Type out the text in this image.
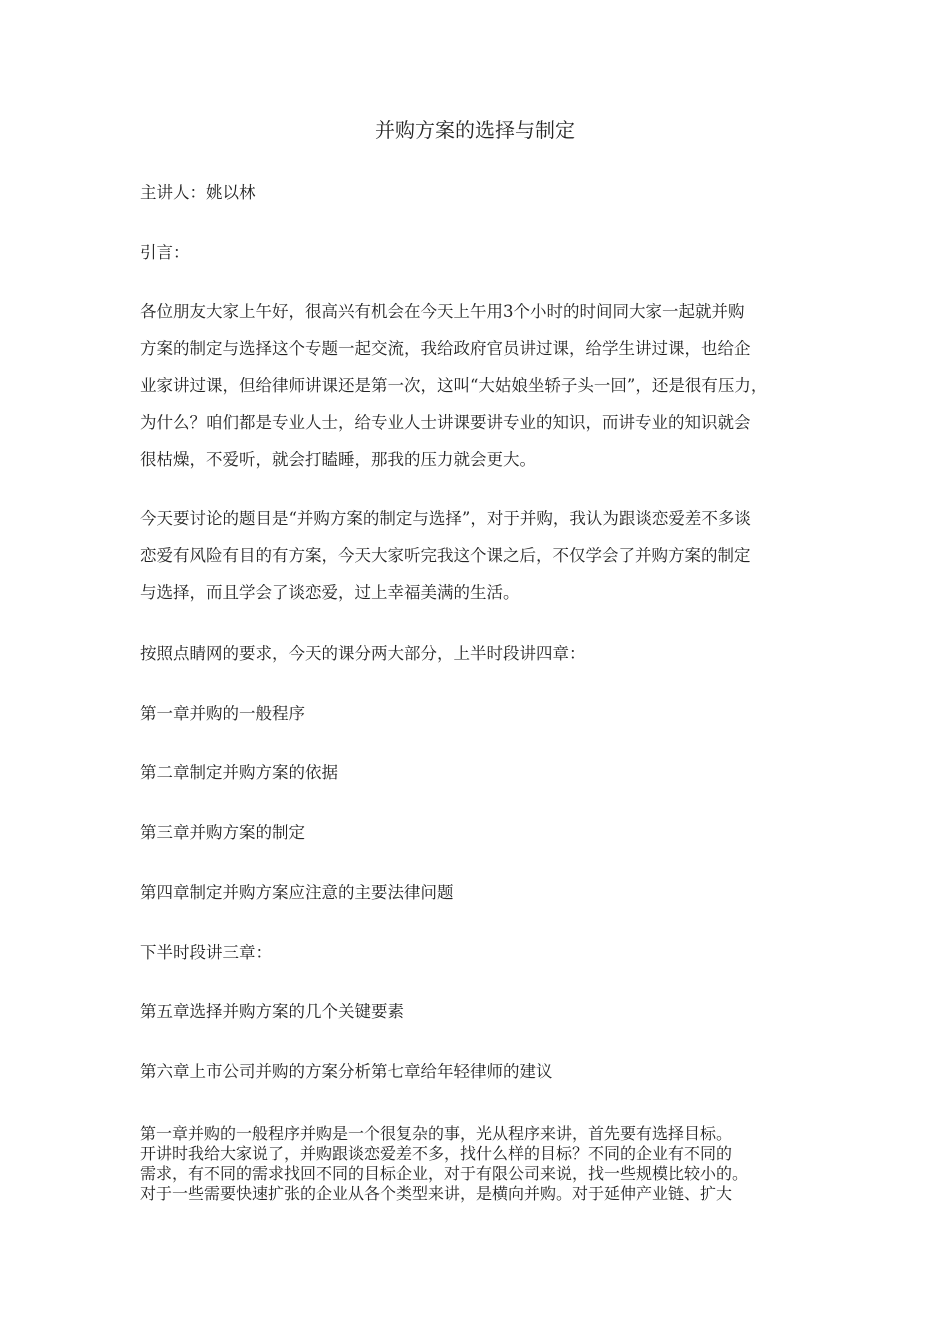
并购方案的选择与制定
主讲人：姚以林
引言：
各位朋友大家上午好，很高兴有机会在今天上午用3个小时的时间同大家一起就并购
方案的制定与选择这个专题一起交流，我给政府官员讲过课，给学生讲过课，也给企
业家讲过课，但给律师讲课还是第一次，这叫“大姑娘坐轿子头一回”，还是很有压力，
为什么？咱们都是专业人士，给专业人士讲课要讲专业的知识，而讲专业的知识就会
很枯燥，不爱听，就会打瞌睡，那我的压力就会更大。
今天要讨论的题目是“并购方案的制定与选择”，对于并购，我认为跟谈恋爱差不多谈
恋爱有风险有目的有方案，今天大家听完我这个课之后，不仅学会了并购方案的制定
与选择，而且学会了谈恋爱，过上幸福美满的生活。
按照点睛网的要求，今天的课分两大部分，上半时段讲四章：
第一章并购的一般程序
第二章制定并购方案的依据
第三章并购方案的制定
第四章制定并购方案应注意的主要法律问题
下半时段讲三章：
第五章选择并购方案的几个关键要素
第六章上市公司并购的方案分析第七章给年轻律师的建议
第一章并购的一般程序并购是一个很复杂的事，光从程序来讲，首先要有选择目标。
开讲时我给大家说了，并购跟谈恋爱差不多，找什么样的目标？不同的企业有不同的
需求，有不同的需求找回不同的目标企业，对于有限公司来说，找一些规模比较小的。
对于一些需要快速扩张的企业从各个类型来讲，是横向并购。对于延伸产业链、扩大
